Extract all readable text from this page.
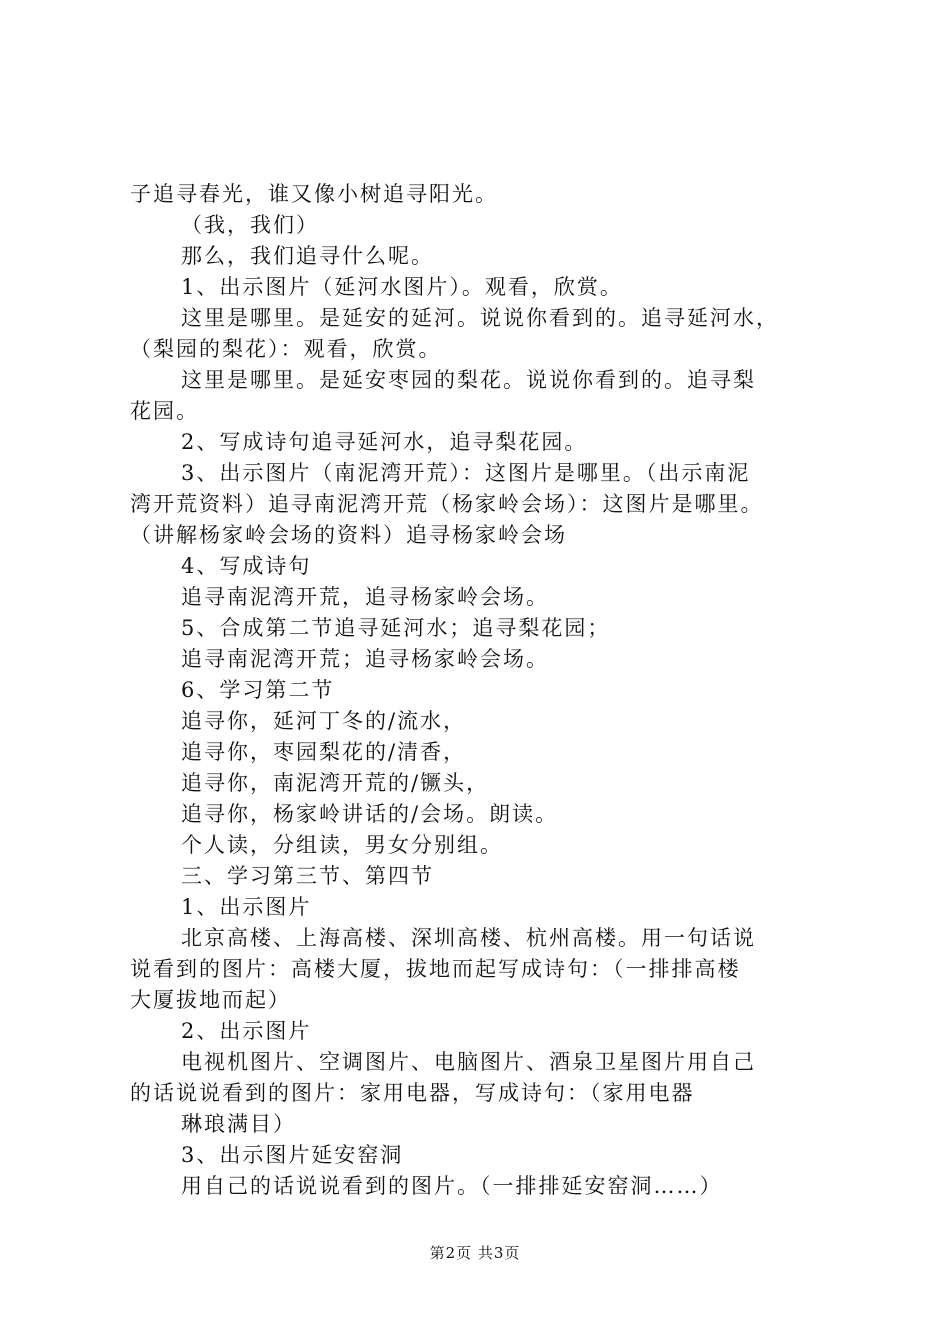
子追寻春光，谁又像小树追寻阳光。
（我，我们）
那么，我们追寻什么呢。
1、出示图片（延河水图片）。观看，欣赏。
这里是哪里。是延安的延河。说说你看到的。追寻延河水，
（梨园的梨花）：观看，欣赏。
这里是哪里。是延安枣园的梨花。说说你看到的。追寻梨
花园。
2、写成诗句追寻延河水，追寻梨花园。
3、出示图片（南泥湾开荒）：这图片是哪里。（出示南泥
湾开荒资料）追寻南泥湾开荒（杨家岭会场）：这图片是哪里。
（讲解杨家岭会场的资料）追寻杨家岭会场
4、写成诗句
追寻南泥湾开荒，追寻杨家岭会场。
5、合成第二节追寻延河水；追寻梨花园；
追寻南泥湾开荒；追寻杨家岭会场。
6、学习第二节
追寻你，延河丁冬的/流水，
追寻你，枣园梨花的/清香，
追寻你，南泥湾开荒的/镢头，
追寻你，杨家岭讲话的/会场。朗读。
个人读，分组读，男女分别组。
三、学习第三节、第四节
1、出示图片
北京高楼、上海高楼、深圳高楼、杭州高楼。用一句话说
说看到的图片：高楼大厦，拔地而起写成诗句：（一排排高楼
大厦拔地而起）
2、出示图片
电视机图片、空调图片、电脑图片、酒泉卫星图片用自己
的话说说看到的图片：家用电器，写成诗句：（家用电器
琳琅满目）
3、出示图片延安窑洞
用自己的话说说看到的图片。（一排排延安窑洞……）
第2页 共3页
